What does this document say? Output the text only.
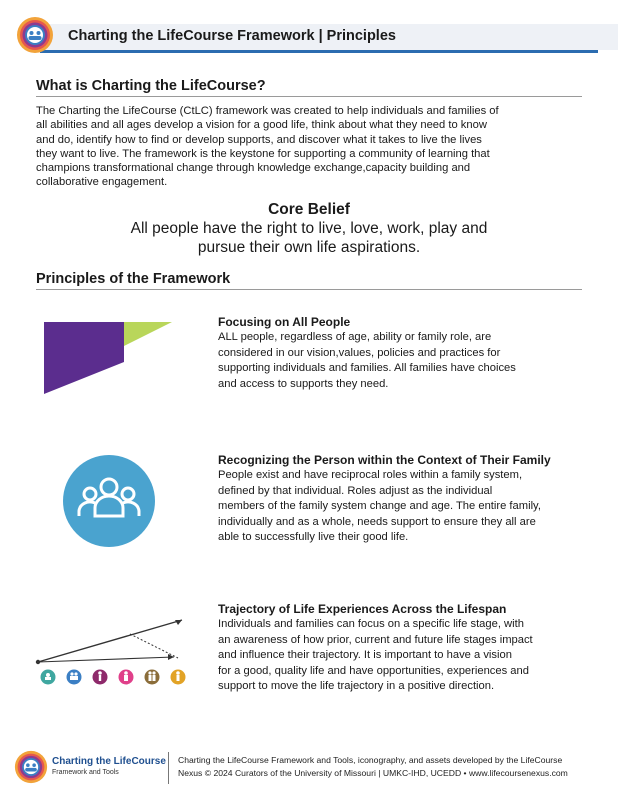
Charting the LifeCourse Framework | Principles
What is Charting the LifeCourse?
The Charting the LifeCourse (CtLC) framework was created to help individuals and families of
all abilities and all ages develop a vision for a good life, think about what they need to know
and do, identify how to find or develop supports, and discover what it takes to live the lives
they want to live. The framework is the keystone for supporting a community of learning that
champions transformational change through knowledge exchange,capacity building and
collaborative engagement.
Core Belief
All people have the right to live, love, work, play and
pursue their own life aspirations.
Principles of the Framework
Focusing on All People
ALL people, regardless of age, ability or family role, are
considered in our vision,values, policies and practices for
supporting individuals and families. All families have choices
and access to supports they need.
Recognizing the Person within the Context of Their Family
People exist and have reciprocal roles within a family system,
defined by that individual. Roles adjust as the individual
members of the family system change and age. The entire family,
individually and as a whole, needs support to ensure they all are
able to successfully live their good life.
Trajectory of Life Experiences Across the Lifespan
Individuals and families can focus on a specific life stage, with
an awareness of how prior, current and future life stages impact
and influence their trajectory. It is important to have a vision
for a good, quality life and have opportunities, experiences and
support to move the life trajectory in a positive direction.
Charting the LifeCourse
Framework and Tools
Charting the LifeCourse Framework and Tools, iconography, and assets developed by the LifeCourse
Nexus © 2024 Curators of the University of Missouri | UMKC-IHD, UCEDD • www.lifecoursenexus.com
